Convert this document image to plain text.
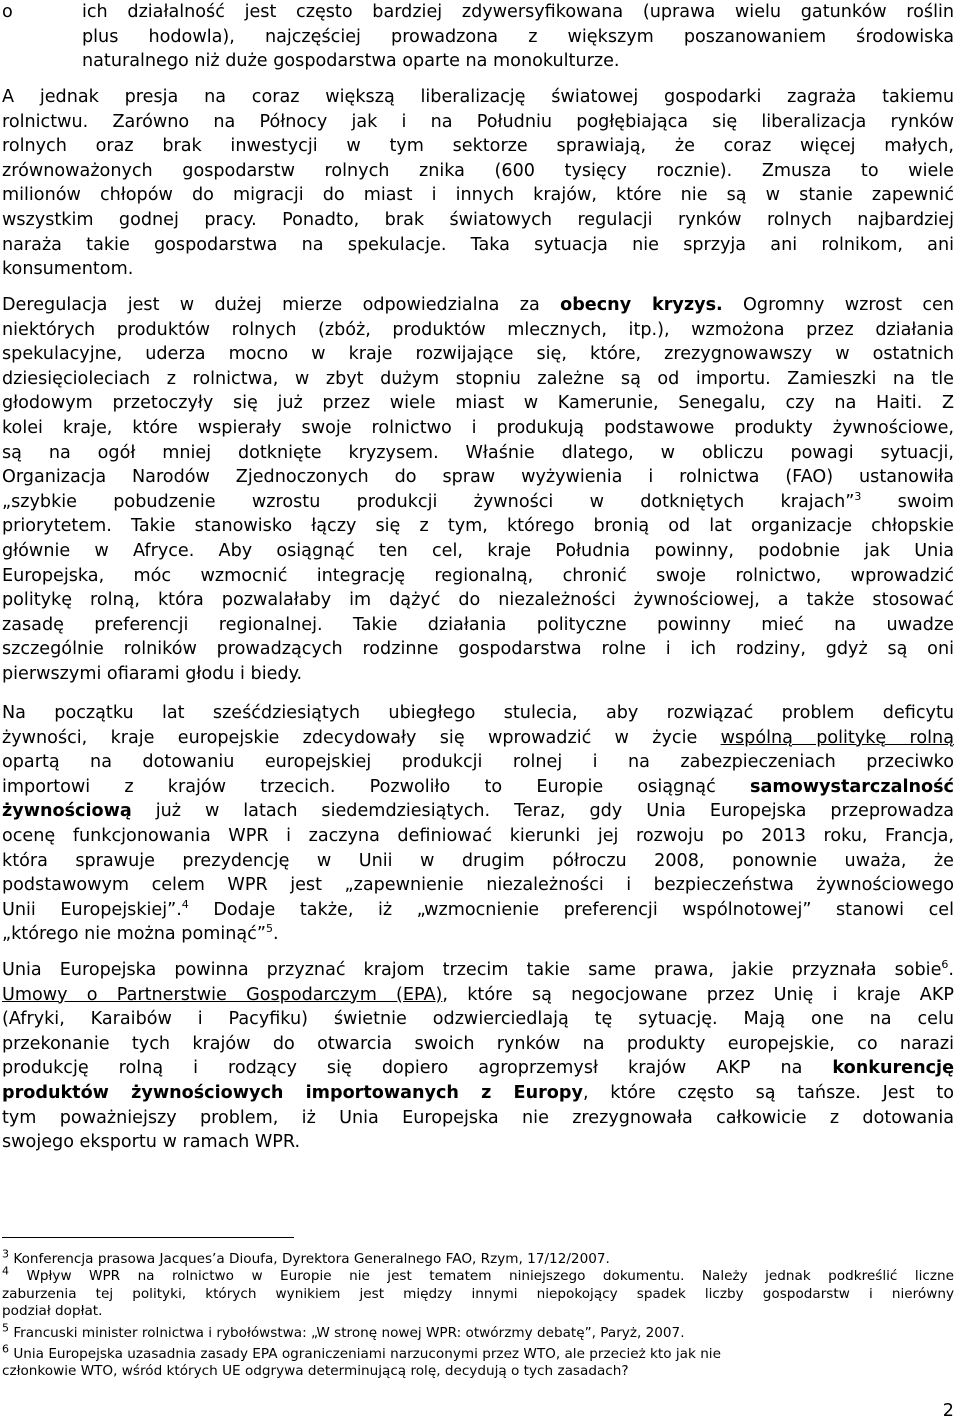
o	ich działalność jest często bardziej zdywersyfikowana (uprawa wielu gatunków roślin
plus hodowla), najczęściej prowadzona z większym poszanowaniem środowiska
naturalnego niż duże gospodarstwa oparte na monokulturze.
A jednak presja na coraz większą liberalizację światowej gospodarki zagraża takiemu
rolnictwu. Zarówno na Północy jak i na Południu pogłębiająca się liberalizacja rynków
rolnych oraz brak inwestycji w tym sektorze sprawiają, że coraz więcej małych,
zrównoważonych gospodarstw rolnych znika (600 tysięcy rocznie). Zmusza to wiele
milionów chłopów do migracji do miast i innych krajów, które nie są w stanie zapewnić
wszystkim godnej pracy. Ponadto, brak światowych regulacji rynków rolnych najbardziej
naraża takie gospodarstwa na spekulacje. Taka sytuacja nie sprzyja ani rolnikom, ani
konsumentom.
Deregulacja jest w dużej mierze odpowiedzialna za obecny kryzys. Ogromny wzrost cen
niektórych produktów rolnych (zbóż, produktów mlecznych, itp.), wzmożona przez działania
spekulacyjne, uderza mocno w kraje rozwijające się, które, zrezygnowawszy w ostatnich
dziesięcioleciach z rolnictwa, w zbyt dużym stopniu zależne są od importu. Zamieszki na tle
głodowym przetoczyły się już przez wiele miast w Kamerunie, Senegalu, czy na Haiti. Z
kolei kraje, które wspierały swoje rolnictwo i produkują podstawowe produkty żywnościowe,
są na ogół mniej dotknięte kryzysem. Właśnie dlatego, w obliczu powagi sytuacji,
Organizacja Narodów Zjednoczonych do spraw wyżywienia i rolnictwa (FAO) ustanowiła
„szybkie pobudzenie wzrostu produkcji żywności w dotkniętych krajach”$^3$ swoim
priorytetem. Takie stanowisko łączy się z tym, którego bronią od lat organizacje chłopskie
głównie w Afryce. Aby osiągnąć ten cel, kraje Południa powinny, podobnie jak Unia
Europejska, móc wzmocnić integrację regionalną, chronić swoje rolnictwo, wprowadzić
politykę rolną, która pozwalałaby im dążyć do niezależności żywnościowej, a także stosować
zasadę preferencji regionalnej. Takie działania polityczne powinny mieć na uwadze
szczególnie rolników prowadzących rodzinne gospodarstwa rolne i ich rodziny, gdyż są oni
pierwszymi ofiarami głodu i biedy.
Na początku lat sześćdziesiątych ubiegłego stulecia, aby rozwiązać problem deficytu
żywności, kraje europejskie zdecydowały się wprowadzić w życie wspólną politykę rolną
opartą na dotowaniu europejskiej produkcji rolnej i na zabezpieczeniach przeciwko
importowi z krajów trzecich. Pozwoliło to Europie osiągnąć samowystarczalność
żywnościową już w latach siedemdziesiątych. Teraz, gdy Unia Europejska przeprowadza
ocenę funkcjonowania WPR i zaczyna definiować kierunki jej rozwoju po 2013 roku, Francja,
która sprawuje prezydencję w Unii w drugim półroczu 2008, ponownie uważa, że
podstawowym celem WPR jest „zapewnienie niezależności i bezpieczeństwa żywnościowego
Unii Europejskiej”.$^4$ Dodaje także, iż „wzmocnienie preferencji wspólnotowej” stanowi cel
„którego nie można pominąć”$^5$.
Unia Europejska powinna przyznać krajom trzecim takie same prawa, jakie przyznała sobie$^6$.
Umowy o Partnerstwie Gospodarczym (EPA), które są negocjowane przez Unię i kraje AKP
(Afryki, Karaibów i Pacyfiku) świetnie odzwierciedlają tę sytuację. Mają one na celu
przekonanie tych krajów do otwarcia swoich rynków na produkty europejskie, co narazi
produkcję rolną i rodzący się dopiero agroprzemysł krajów AKP na konkurencję
produktów żywnościowych importowanych z Europy, które często są tańsze. Jest to
tym poważniejszy problem, iż Unia Europejska nie zrezygnowała całkowicie z dotowania
swojego eksportu w ramach WPR.
$^3$ Konferencja prasowa Jacques’a Dioufa, Dyrektora Generalnego FAO, Rzym, 17/12/2007.
$^4$ Wpływ WPR na rolnictwo w Europie nie jest tematem niniejszego dokumentu. Należy jednak podkreślić liczne
zaburzenia tej polityki, których wynikiem jest między innymi niepokojący spadek liczby gospodarstw i nierówny
podział dopłat.
$^5$ Francuski minister rolnictwa i rybołówstwa: „W stronę nowej WPR: otwórzmy debatę”, Paryż, 2007.
$^6$ Unia Europejska uzasadnia zasady EPA ograniczeniami narzuconymi przez WTO, ale przecież kto jak nie
członkowie WTO, wśród których UE odgrywa determinującą rolę, decydują o tych zasadach?
2
